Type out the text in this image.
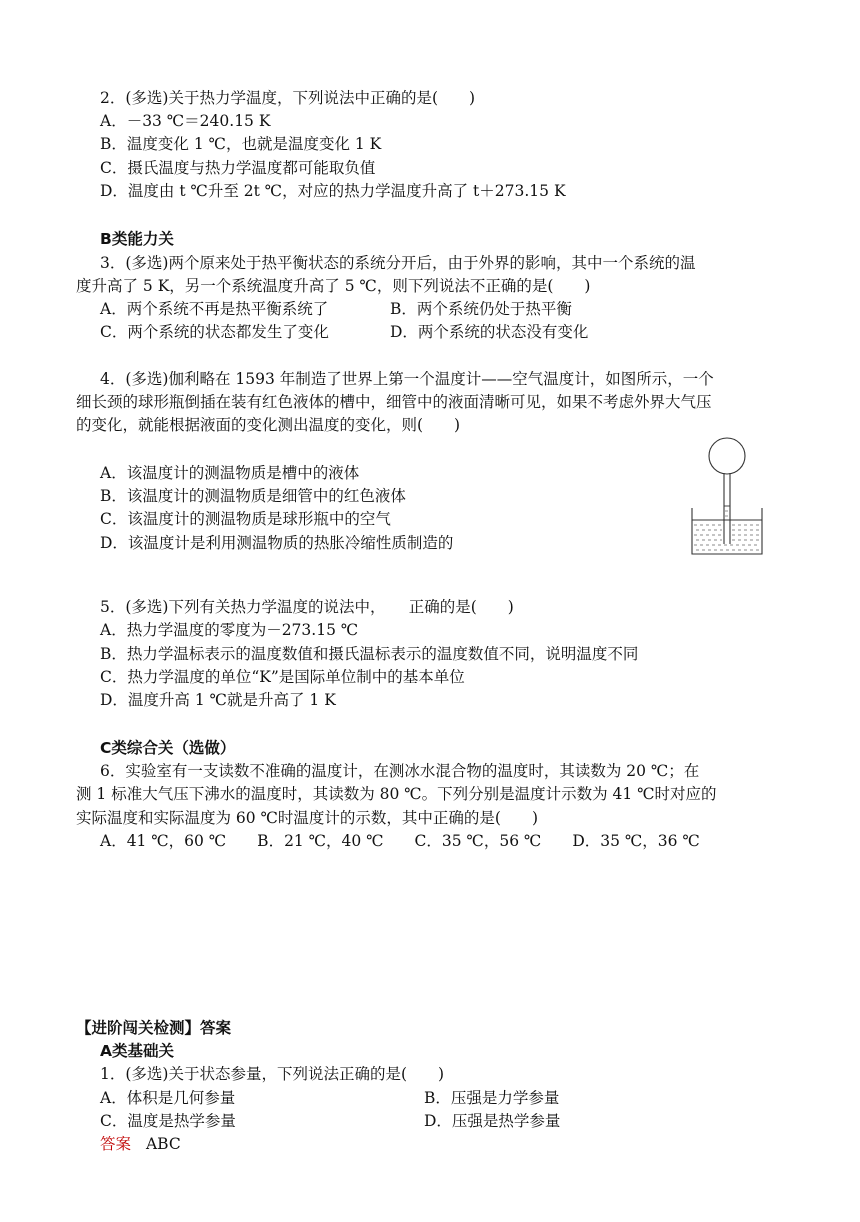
2．(多选)关于热力学温度，下列说法中正确的是(　　)
A．－33 ℃＝240.15 K
B．温度变化 1 ℃，也就是温度变化 1 K
C．摄氏温度与热力学温度都可能取负值
D．温度由 t ℃升至 2t ℃，对应的热力学温度升高了 t＋273.15 K
B类能力关
3．(多选)两个原来处于热平衡状态的系统分开后，由于外界的影响，其中一个系统的温
度升高了 5 K，另一个系统温度升高了 5 ℃，则下列说法不正确的是(　　)
A．两个系统不再是热平衡系统了	B．两个系统仍处于热平衡
C．两个系统的状态都发生了变化	D．两个系统的状态没有变化
4．(多选)伽利略在 1593 年制造了世界上第一个温度计——空气温度计，如图所示，一个
细长颈的球形瓶倒插在装有红色液体的槽中，细管中的液面清晰可见，如果不考虑外界大气压
的变化，就能根据液面的变化测出温度的变化，则(　　)
A．该温度计的测温物质是槽中的液体
B．该温度计的测温物质是细管中的红色液体
C．该温度计的测温物质是球形瓶中的空气
D．该温度计是利用测温物质的热胀冷缩性质制造的
5．(多选)下列有关热力学温度的说法中，　　正确的是(　　)
A．热力学温度的零度为－273.15 ℃
B．热力学温标表示的温度数值和摄氏温标表示的温度数值不同，说明温度不同
C．热力学温度的单位“K”是国际单位制中的基本单位
D．温度升高 1 ℃就是升高了 1 K
C类综合关（选做）
6．实验室有一支读数不准确的温度计，在测冰水混合物的温度时，其读数为 20 ℃；在
测 1 标准大气压下沸水的温度时，其读数为 80 ℃。下列分别是温度计示数为 41 ℃时对应的
实际温度和实际温度为 60 ℃时温度计的示数，其中正确的是(　　)
A．41 ℃，60 ℃　　B．21 ℃，40 ℃　　C．35 ℃，56 ℃　　D．35 ℃，36 ℃
【进阶闯关检测】答案
A类基础关
1．(多选)关于状态参量，下列说法正确的是(　　)
A．体积是几何参量	B．压强是力学参量
C．温度是热学参量	D．压强是热学参量
答案 ABC
